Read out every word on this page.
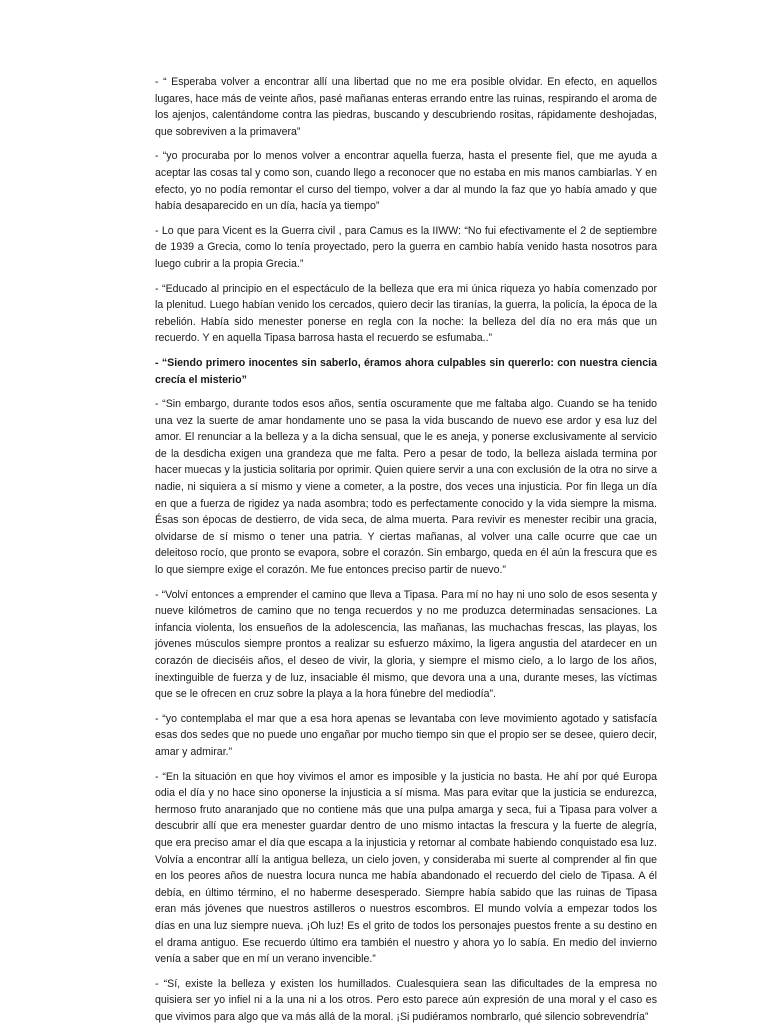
- “ Esperaba volver a encontrar allí una libertad que no me era posible olvidar. En efecto, en aquellos lugares, hace más de veinte años, pasé mañanas enteras errando entre las ruinas, respirando el aroma de los ajenjos, calentándome contra las piedras, buscando y descubriendo rositas, rápidamente deshojadas, que sobreviven a la primavera”

- “yo procuraba por lo menos volver a encontrar aquella fuerza, hasta el presente fiel, que me ayuda a aceptar las cosas tal y como son, cuando llego a reconocer que no estaba en mis manos cambiarlas. Y en efecto, yo no podía remontar el curso del tiempo, volver a dar al mundo la faz que yo había amado y que había desaparecido en un día, hacía ya tiempo”

- Lo que para Vicent es la Guerra civil , para Camus es la IIWW: “No fui efectivamente el 2 de septiembre de 1939 a Grecia, como lo tenía proyectado, pero la guerra en cambio había venido hasta nosotros para luego cubrir a la propia Grecia.”

- “Educado al principio en el espectáculo de la belleza que era mi única riqueza yo había comenzado por la plenitud. Luego habían venido los cercados, quiero decir las tiranías, la guerra, la policía, la época de la rebelión. Había sido menester ponerse en regla con la noche: la belleza del día no era más que un recuerdo. Y en aquella Tipasa barrosa hasta el recuerdo se esfumaba..”

- “Siendo primero inocentes sin saberlo, éramos ahora culpables sin quererlo: con nuestra ciencia crecía el misterio”

- “Sin embargo, durante todos esos años, sentía oscuramente que me faltaba algo. Cuando se ha tenido una vez la suerte de amar hondamente uno se pasa la vida buscando de nuevo ese ardor y esa luz del amor. El renunciar a la belleza y a la dicha sensual, que le es aneja, y ponerse exclusivamente al servicio de la desdicha exigen una grandeza que me falta. Pero a pesar de todo, la belleza aislada termina por hacer muecas y la justicia solitaria por oprimir. Quien quiere servir a una con exclusión de la otra no sirve a nadie, ni siquiera a sí mismo y viene a cometer, a la postre, dos veces una injusticia. Por fin llega un día en que a fuerza de rigidez ya nada asombra; todo es perfectamente conocido y la vida siempre la misma. Ésas son épocas de destierro, de vida seca, de alma muerta. Para revivir es menester recibir una gracia, olvidarse de sí mismo o tener una patria. Y ciertas mañanas, al volver una calle ocurre que cae un deleitoso rocío, que pronto se evapora, sobre el corazón. Sin embargo, queda en él aún la frescura que es lo que siempre exige el corazón. Me fue entonces preciso partir de nuevo.”

- “Volví entonces a emprender el camino que lleva a Tipasa. Para mí no hay ni uno solo de esos sesenta y nueve kilómetros de camino que no tenga recuerdos y no me produzca determinadas sensaciones. La infancia violenta, los ensueños de la adolescencia, las mañanas, las muchachas frescas, las playas, los jóvenes músculos siempre prontos a realizar su esfuerzo máximo, la ligera angustia del atardecer en un corazón de dieciséis años, el deseo de vivir, la gloria, y siempre el mismo cielo, a lo largo de los años, inextinguible de fuerza y de luz, insaciable él mismo, que devora una a una, durante meses, las víctimas que se le ofrecen en cruz sobre la playa a la hora fúnebre del mediodía”.

- “yo contemplaba el mar que a esa hora apenas se levantaba con leve movimiento agotado y satisfacía esas dos sedes que no puede uno engañar por mucho tiempo sin que el propio ser se desee, quiero decir, amar y admirar.”

- “En la situación en que hoy vivimos el amor es imposible y la justicia no basta. He ahí por qué Europa odia el día y no hace sino oponerse la injusticia a sí misma. Mas para evitar que la justicia se endurezca, hermoso fruto anaranjado que no contiene más que una pulpa amarga y seca, fui a Tipasa para volver a descubrir allí que era menester guardar dentro de uno mismo intactas la frescura y la fuerte de alegría, que era preciso amar el día que escapa a la injusticia y retornar al combate habiendo conquistado esa luz. Volvía a encontrar allí la antigua belleza, un cielo joven, y consideraba mi suerte al comprender al fin que en los peores años de nuestra locura nunca me había abandonado el recuerdo del cielo de Tipasa. A él debía, en último término, el no haberme desesperado. Siempre había sabido que las ruinas de Tipasa eran más jóvenes que nuestros astilleros o nuestros escombros. El mundo volvía a empezar todos los días en una luz siempre nueva. ¡Oh luz! Es el grito de todos los personajes puestos frente a su destino en el drama antiguo. Ese recuerdo último era también el nuestro y ahora yo lo sabía. En medio del invierno venía a saber que en mí un verano invencible.”

- “Sí, existe la belleza y existen los humillados. Cualesquiera sean las dificultades de la empresa no quisiera ser yo infiel ni a la una ni a los otros. Pero esto parece aún expresión de una moral y el caso es que vivimos para algo que va más allá de la moral. ¡Si pudiéramos nombrarlo, qué silencio sobrevendría”
